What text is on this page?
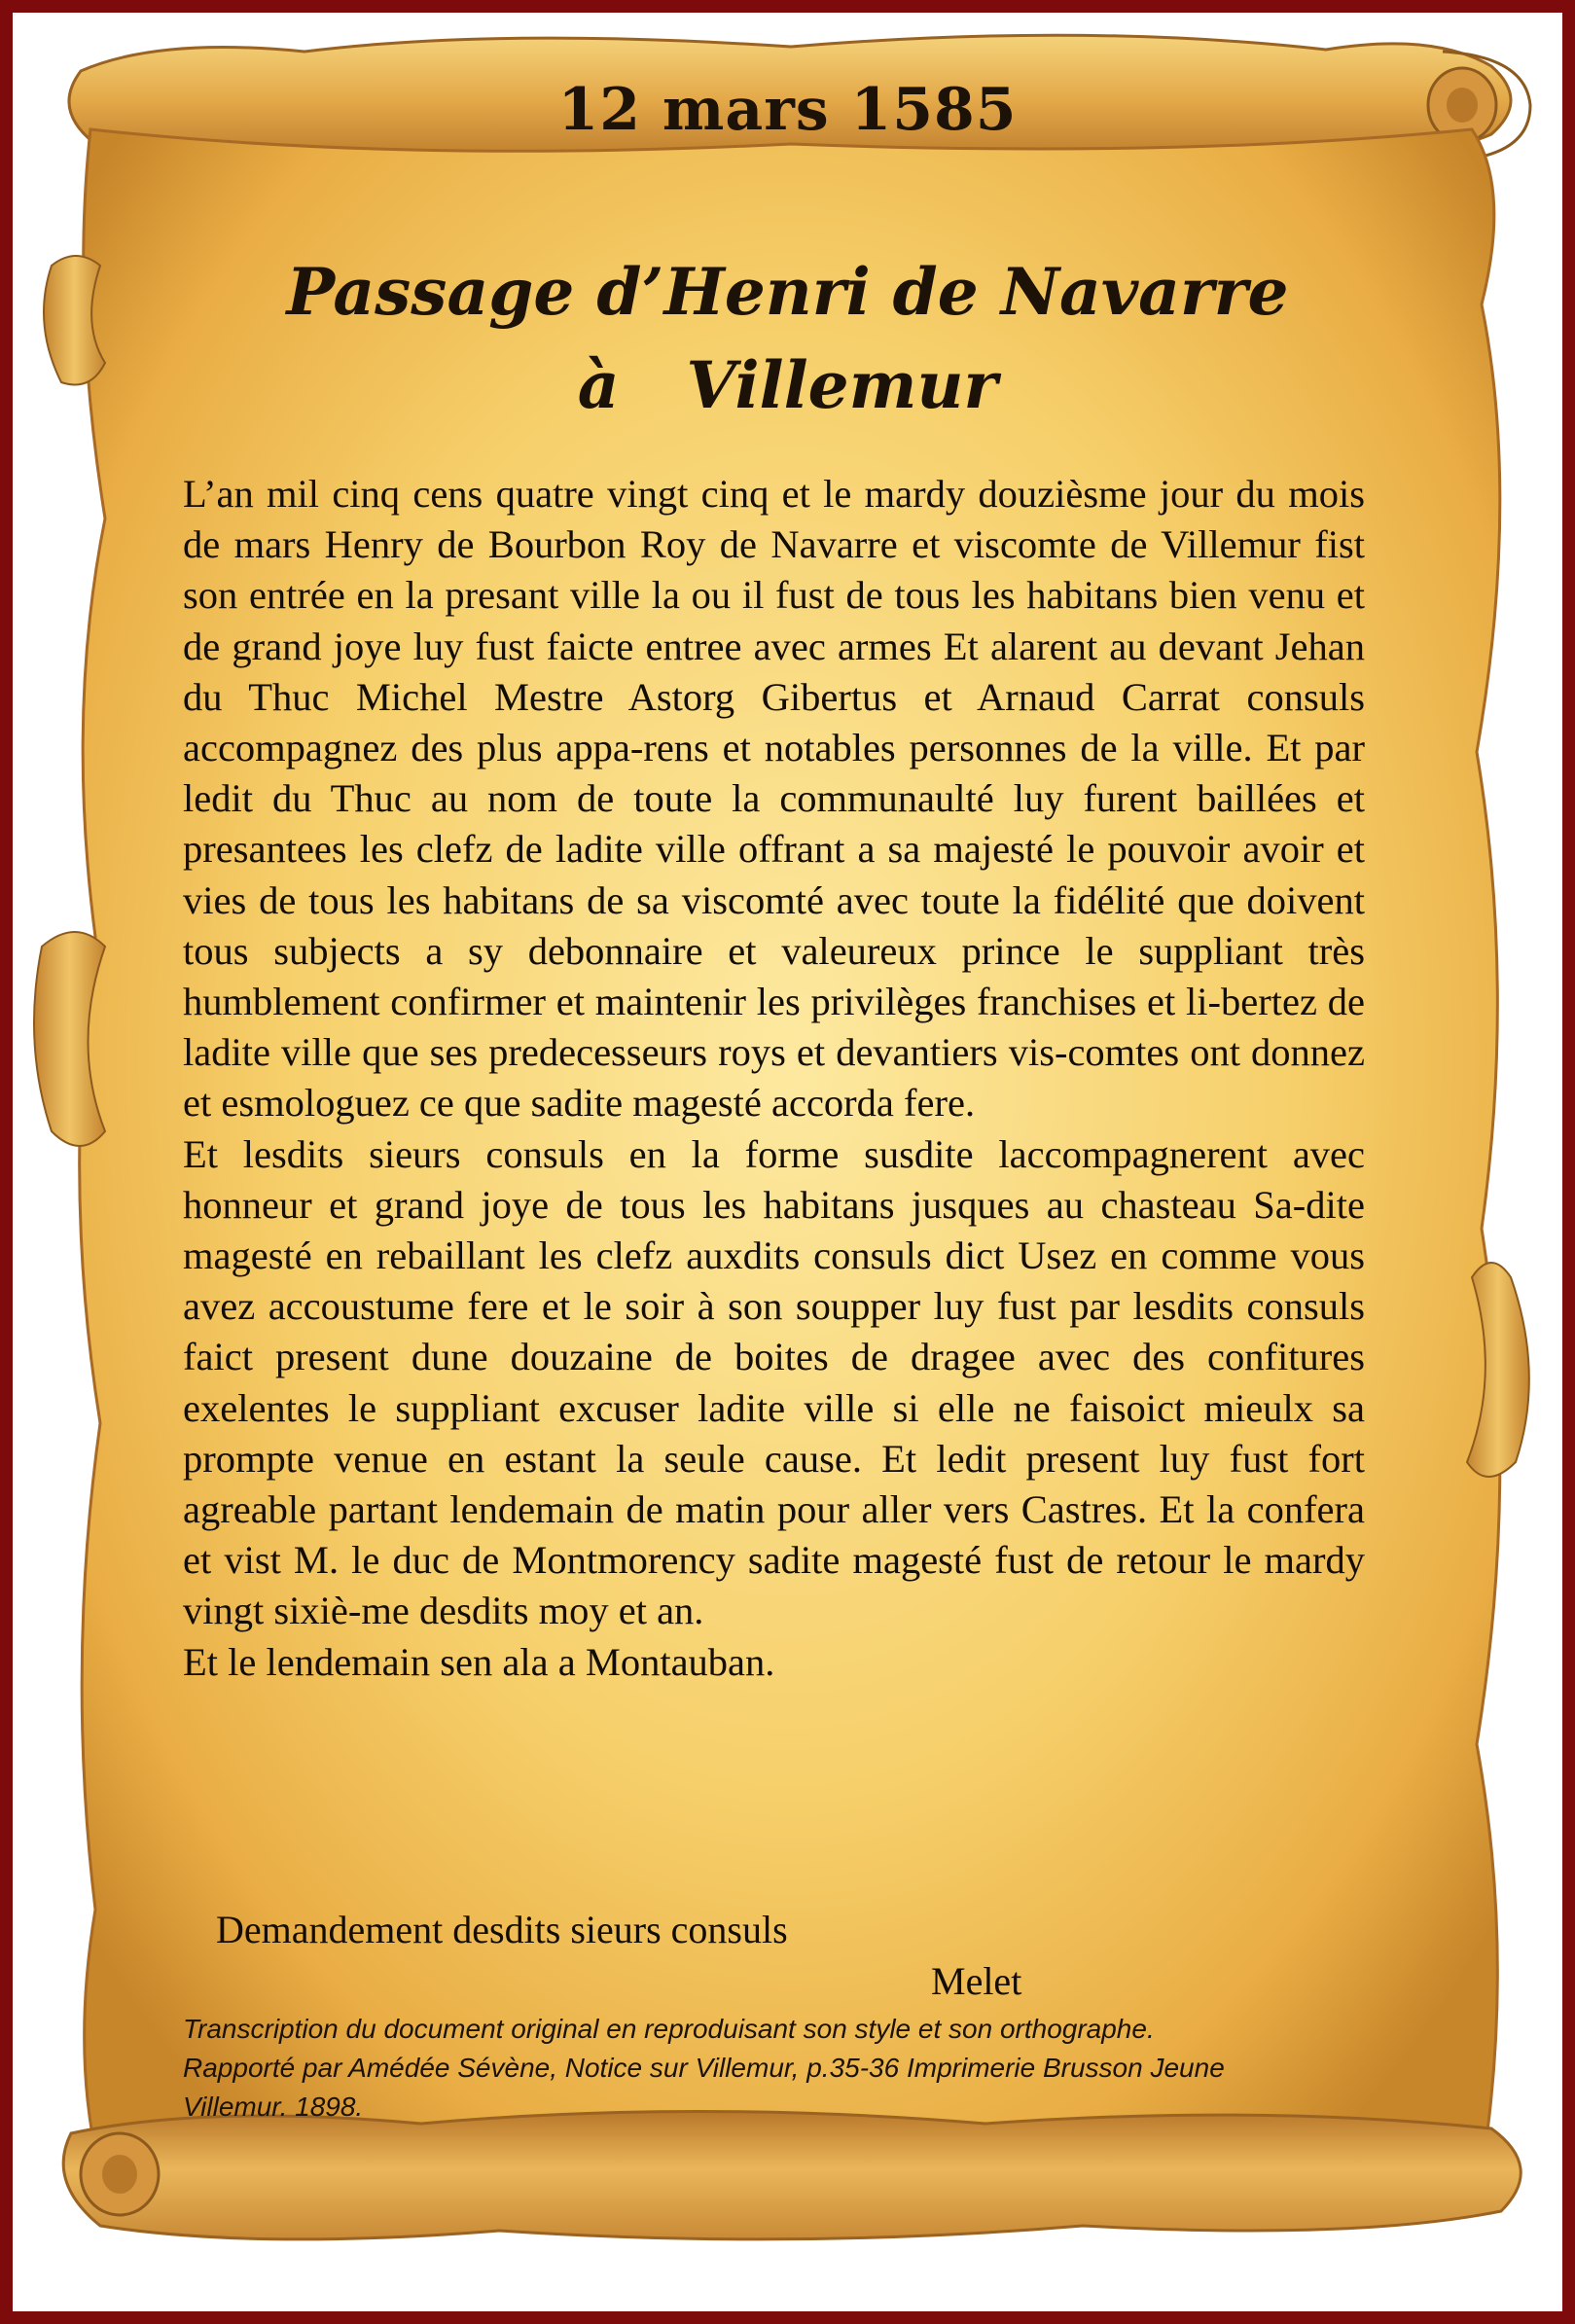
12 mars 1585
Passage d’Henri de Navarre
à   Villemur

L’an mil cinq cens quatre vingt cinq et le mardy douzièsme jour du mois de mars Henry de Bourbon Roy de Navarre et viscomte de Villemur fist son entrée en la presant ville la ou il fust de tous les habitans bien venu et de grand joye luy fust faicte entree avec armes Et alarent au devant Jehan du Thuc Michel Mestre Astorg Gibertus et Arnaud Carrat consuls accompagnez des plus appa-rens et notables personnes de la ville. Et par ledit du Thuc au nom de toute la communaulté luy furent baillées et presantees les clefz de ladite ville offrant a sa majesté le pouvoir avoir et vies de tous les habitans de sa viscomté avec toute la fidélité que doivent tous subjects a sy debonnaire et valeureux prince le suppliant très humblement confirmer et maintenir les privilèges franchises et li-bertez de ladite ville que ses predecesseurs roys et devantiers vis-comtes ont donnez et esmologuez ce que sadite magesté accorda fere.

Et lesdits sieurs consuls en la forme susdite laccompagnerent avec honneur et grand joye de tous les habitans jusques au chasteau Sa-dite magesté en rebaillant les clefz auxdits consuls dict Usez en comme vous avez accoustume fere et le soir à son soupper luy fust par lesdits consuls faict present dune douzaine de boites de dragee avec des confitures exelentes le suppliant excuser ladite ville si elle ne faisoict mieulx sa prompte venue en estant la seule cause. Et ledit present luy fust fort agreable partant lendemain de matin pour aller vers Castres. Et la confera et vist M. le duc de Montmorency sadite magesté fust de retour le mardy vingt sixiè-me desdits moy et an.

Et le lendemain sen ala a Montauban.

Demandement desdits sieurs consuls
Melet
Transcription du document original en reproduisant son style et son orthographe.
Rapporté par Amédée Sévène, Notice sur Villemur, p.35-36 Imprimerie Brusson Jeune
Villemur. 1898.
